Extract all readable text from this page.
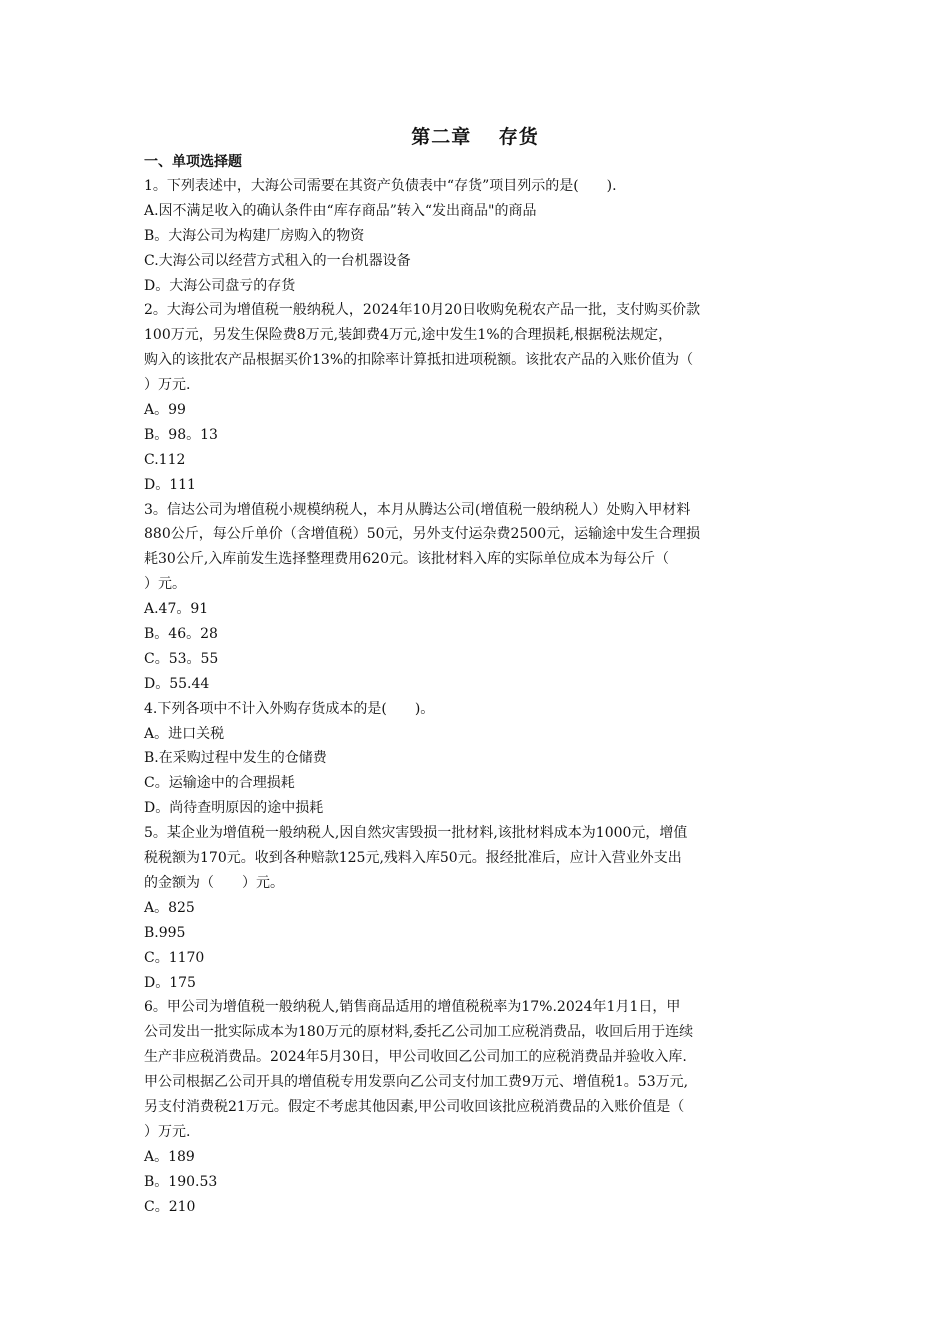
第二章　 存货
一、单项选择题
1。下列表述中，大海公司需要在其资产负债表中“存货”项目列示的是(　　).
A.因不满足收入的确认条件由“库存商品”转入“发出商品"的商品
B。大海公司为构建厂房购入的物资
C.大海公司以经营方式租入的一台机器设备
D。大海公司盘亏的存货
2。大海公司为增值税一般纳税人，2024年10月20日收购免税农产品一批，支付购买价款
100万元，另发生保险费8万元,装卸费4万元,途中发生1%的合理损耗,根据税法规定，
购入的该批农产品根据买价13%的扣除率计算抵扣进项税额。该批农产品的入账价值为（
）万元.
A。99
B。98。13
C.112
D。111
3。信达公司为增值税小规模纳税人，本月从腾达公司(增值税一般纳税人）处购入甲材料
880公斤，每公斤单价（含增值税）50元，另外支付运杂费2500元，运输途中发生合理损
耗30公斤,入库前发生选择整理费用620元。该批材料入库的实际单位成本为每公斤（
）元。
A.47。91
B。46。28
C。53。55
D。55.44
4.下列各项中不计入外购存货成本的是(　　)。
A。进口关税
B.在采购过程中发生的仓储费
C。运输途中的合理损耗
D。尚待查明原因的途中损耗
5。某企业为增值税一般纳税人,因自然灾害毁损一批材料,该批材料成本为1000元，增值
税税额为170元。收到各种赔款125元,残料入库50元。报经批准后，应计入营业外支出
的金额为（　　）元。
A。825
B.995
C。1170
D。175
6。甲公司为增值税一般纳税人,销售商品适用的增值税税率为17%.2024年1月1日，甲
公司发出一批实际成本为180万元的原材料,委托乙公司加工应税消费品，收回后用于连续
生产非应税消费品。2024年5月30日，甲公司收回乙公司加工的应税消费品并验收入库.
甲公司根据乙公司开具的增值税专用发票向乙公司支付加工费9万元、增值税1。53万元,
另支付消费税21万元。假定不考虑其他因素,甲公司收回该批应税消费品的入账价值是（
）万元.
A。189
B。190.53
C。210
